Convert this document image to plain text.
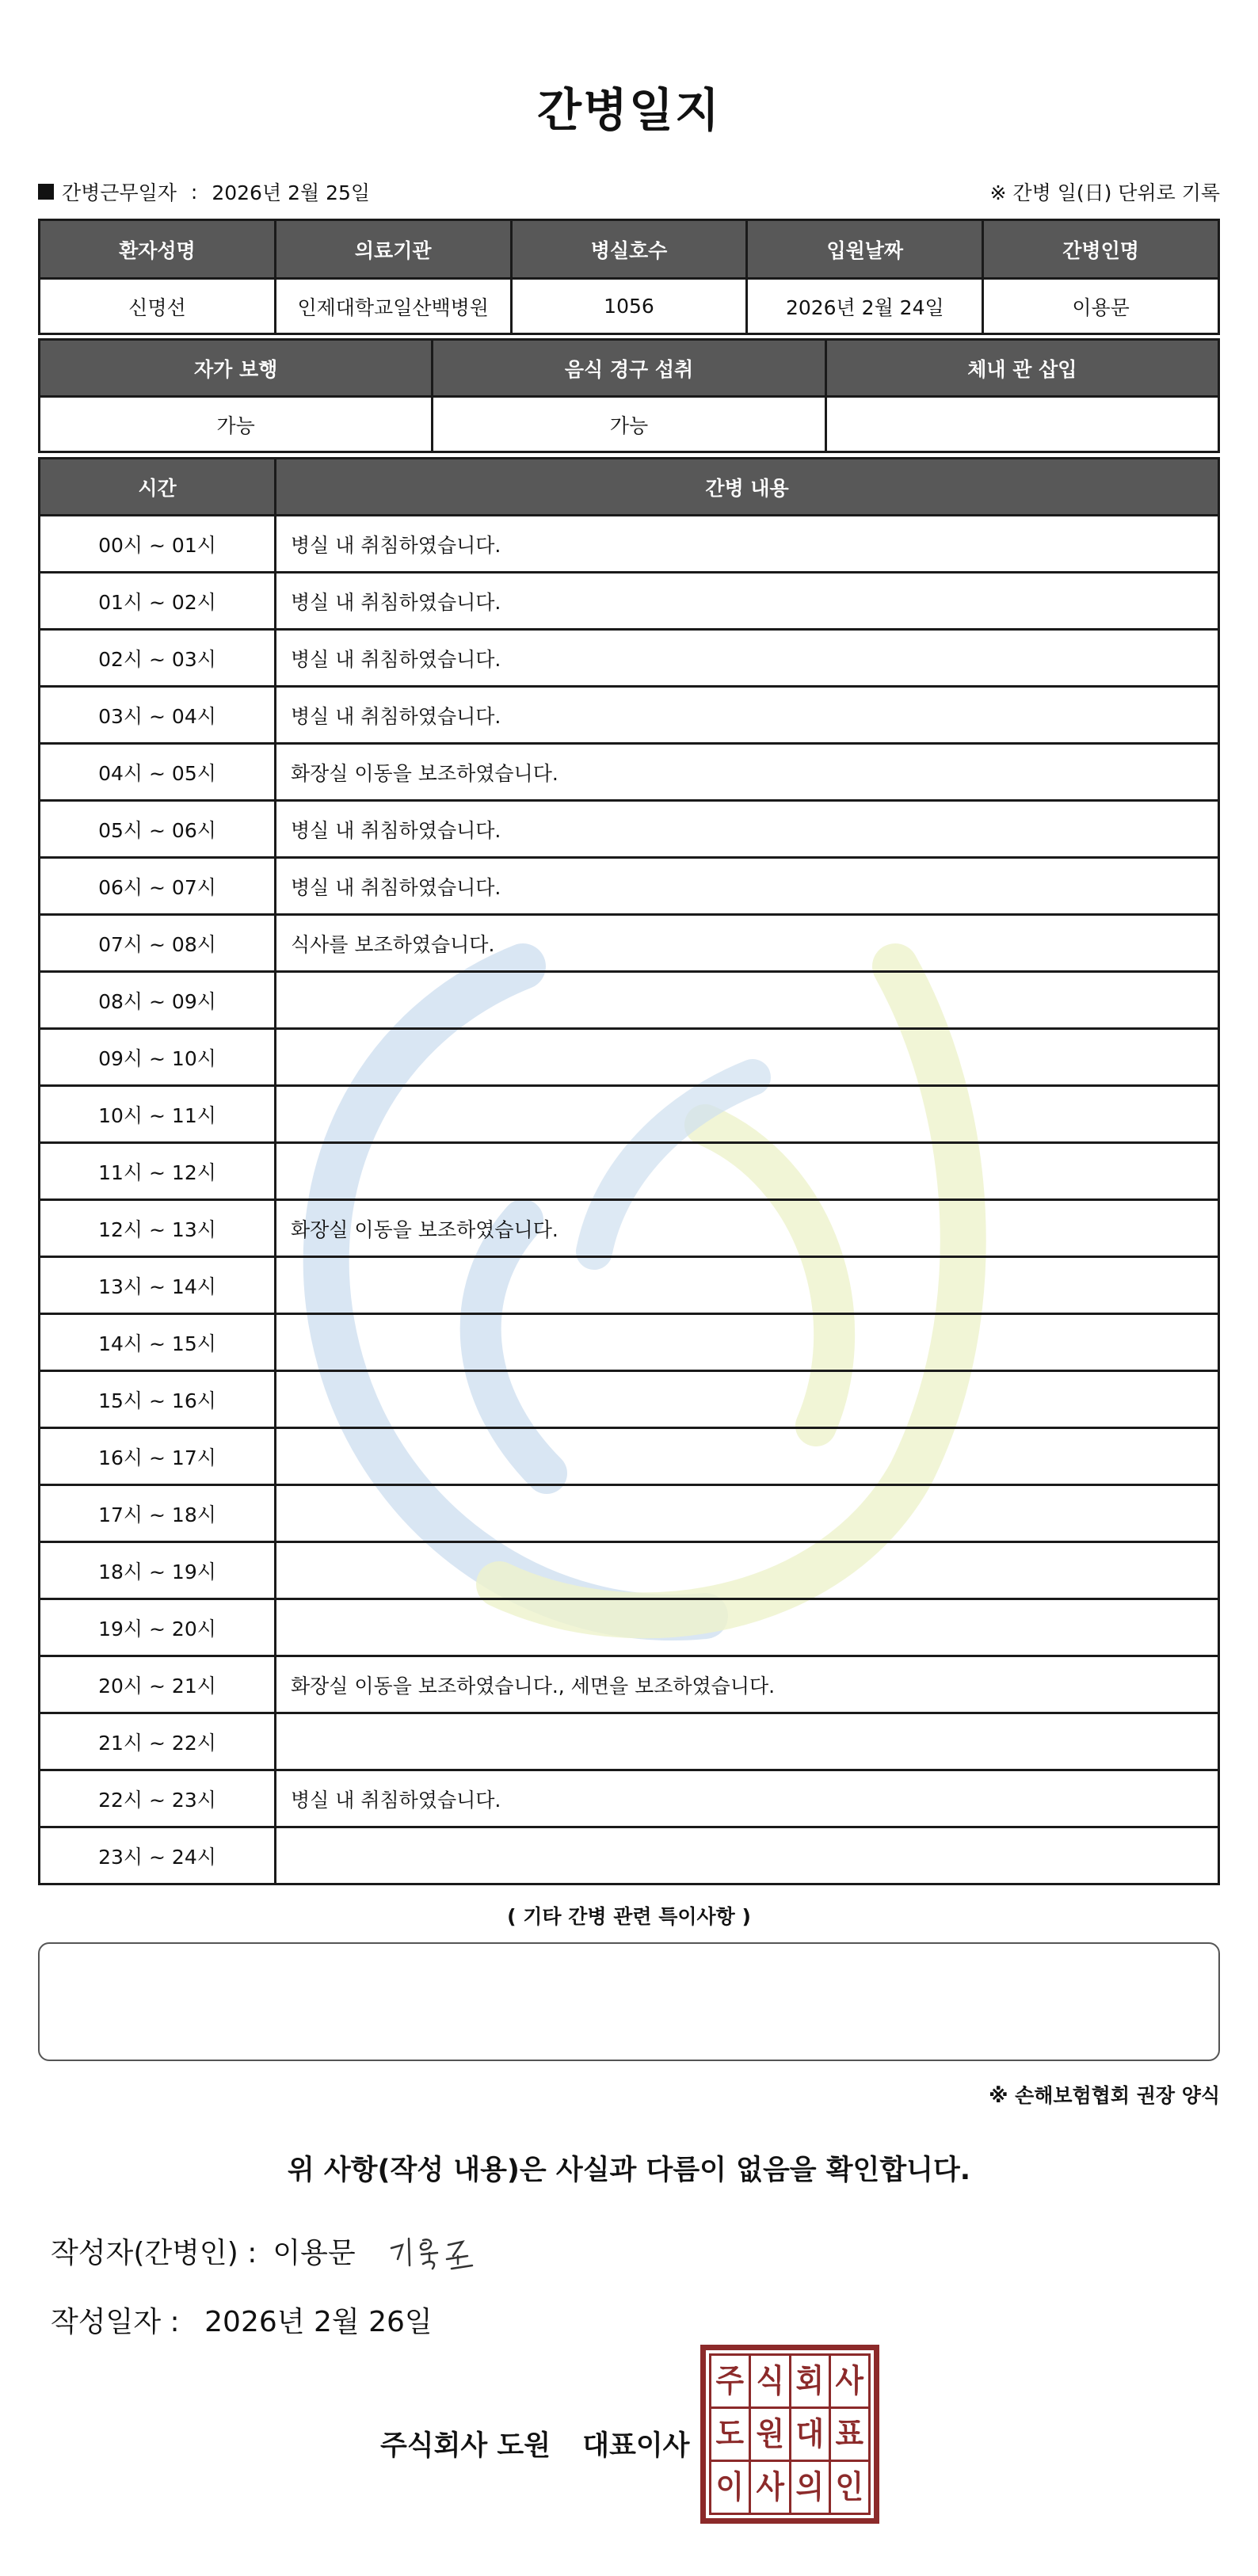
간병일지
간병근무일자 : 2026년 2월 25일	※ 간병 일(日) 단위로 기록
환자성명	의료기관	병실호수	입원날짜	간병인명
신명선	인제대학교일산백병원	1056	2026년 2월 24일	이용문
자가 보행	음식 경구 섭취	체내 관 삽입
가능	가능	
시간	간병 내용
00시 ~ 01시	병실 내 취침하였습니다.
01시 ~ 02시	병실 내 취침하였습니다.
02시 ~ 03시	병실 내 취침하였습니다.
03시 ~ 04시	병실 내 취침하였습니다.
04시 ~ 05시	화장실 이동을 보조하였습니다.
05시 ~ 06시	병실 내 취침하였습니다.
06시 ~ 07시	병실 내 취침하였습니다.
07시 ~ 08시	식사를 보조하였습니다.
08시 ~ 09시	
09시 ~ 10시	
10시 ~ 11시	
11시 ~ 12시	
12시 ~ 13시	화장실 이동을 보조하였습니다.
13시 ~ 14시	
14시 ~ 15시	
15시 ~ 16시	
16시 ~ 17시	
17시 ~ 18시	
18시 ~ 19시	
19시 ~ 20시	
20시 ~ 21시	화장실 이동을 보조하였습니다., 세면을 보조하였습니다.
21시 ~ 22시	
22시 ~ 23시	병실 내 취침하였습니다.
23시 ~ 24시	
( 기타 간병 관련 특이사항 )
※ 손해보험협회 권장 양식
위 사항(작성 내용)은 사실과 다름이 없음을 확인합니다.
작성자(간병인) : 이용문
작성일자 : 2026년 2월 26일
주식회사 도원 대표이사
주 식 회 사
도 원 대 표
이 사 의 인
